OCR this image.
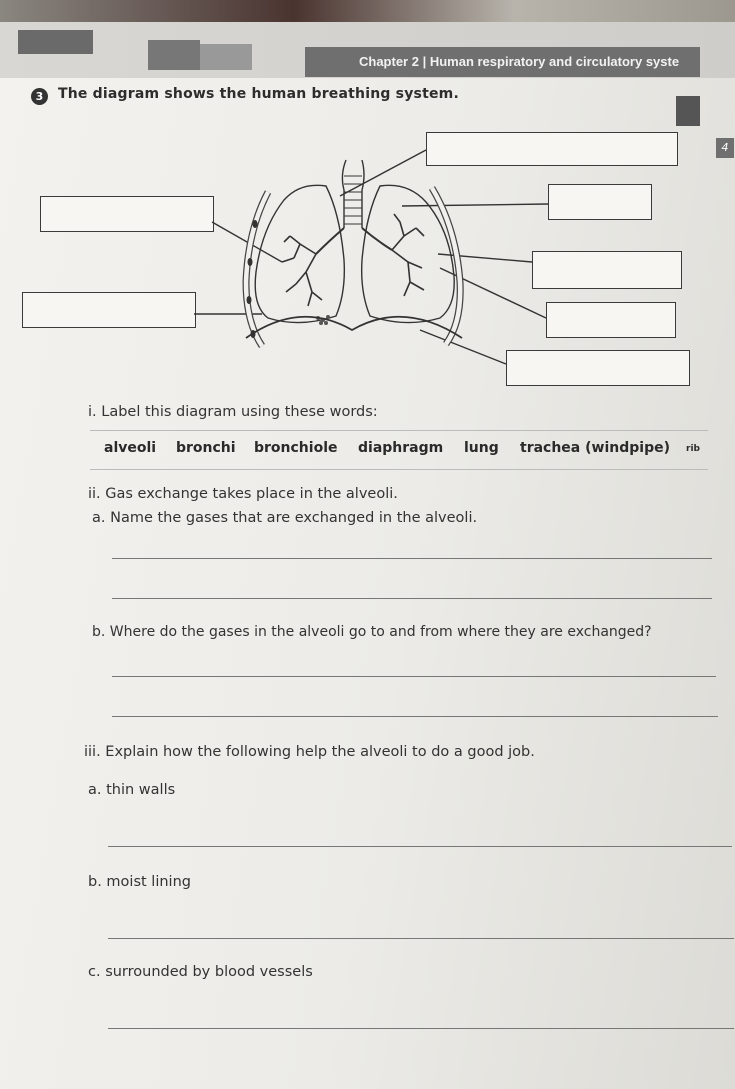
Chapter 2 | Human respiratory and circulatory syste
4
3	The diagram shows the human breathing system.
i. Label this diagram using these words:
alveoli bronchi bronchiole diaphragm lung trachea (windpipe) rib
ii. Gas exchange takes place in the alveoli.
a. Name the gases that are exchanged in the alveoli.
b. Where do the gases in the alveoli go to and from where they are exchanged?
iii. Explain how the following help the alveoli to do a good job.
a. thin walls
b. moist lining
c. surrounded by blood vessels
